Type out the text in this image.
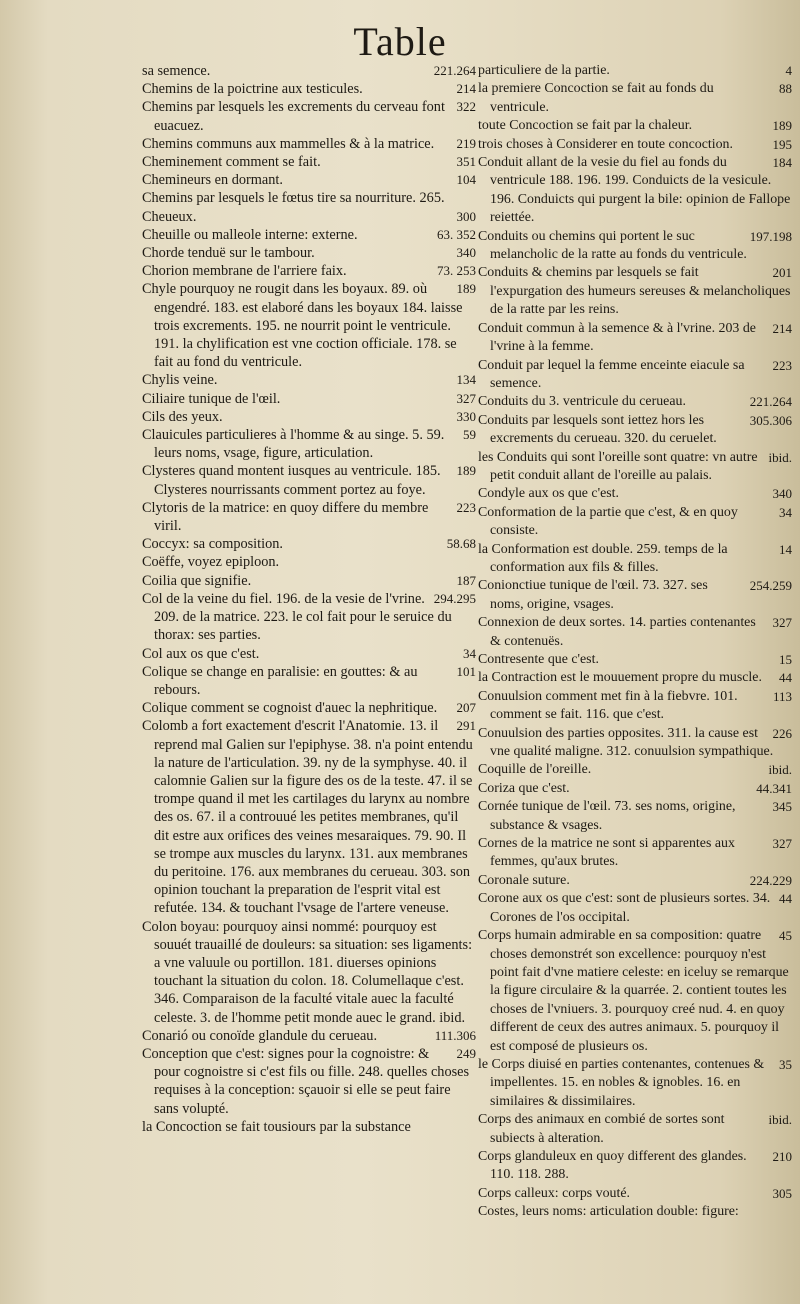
Table
221.264
sa semence.
214
Chemins de la poictrine aux testicules.
322
Chemins par lesquels les excrements du cerveau font euacuez.
219
Chemins communs aux mammelles & à la matrice.
351
Cheminement comment se fait.
104
Chemineurs en dormant.
Chemins par lesquels le fœtus tire sa nourriture. 265.
300
Cheueux.
63. 352
Cheuille ou malleole interne: externe.
340
Chorde tenduë sur le tambour.
73. 253
Chorion membrane de l'arriere faix.
189
Chyle pourquoy ne rougit dans les boyaux. 89. où engendré. 183. est elaboré dans les boyaux 184. laisse trois excrements. 195. ne nourrit point le ventricule. 191. la chylification est vne coction officiale. 178. se fait au fond du ventricule.
134
Chylis veine.
327
Ciliaire tunique de l'œil.
330
Cils des yeux.
59
Clauicules particulieres à l'homme & au singe. 5. 59. leurs noms, vsage, figure, articulation.
189
Clysteres quand montent iusques au ventricule. 185. Clysteres nourrissants comment portez au foye.
223
Clytoris de la matrice: en quoy differe du membre viril.
58.68
Coccyx: sa composition.
Coëffe, voyez epiploon.
187
Coilia que signifie.
294.295
Col de la veine du fiel. 196. de la vesie de l'vrine. 209. de la matrice. 223. le col fait pour le seruice du thorax: ses parties.
34
Col aux os que c'est.
101
Colique se change en paralisie: en gouttes: & au rebours.
207
Colique comment se cognoist d'auec la nephritique.
291
Colomb a fort exactement d'escrit l'Anatomie. 13. il reprend mal Galien sur l'epiphyse. 38. n'a point entendu la nature de l'articulation. 39. ny de la symphyse. 40. il calomnie Galien sur la figure des os de la teste. 47. il se trompe quand il met les cartilages du larynx au nombre des os. 67. il a controuué les petites membranes, qu'il dit estre aux orifices des veines mesaraiques. 79. 90. Il se trompe aux muscles du larynx. 131. aux membranes du peritoine. 176. aux membranes du cerueau. 303. son opinion touchant la preparation de l'esprit vital est refutée. 134. & touchant l'vsage de l'artere veneuse.
Colon boyau: pourquoy ainsi nommé: pourquoy est souuét trauaillé de douleurs: sa situation: ses ligaments: a vne valuule ou portillon. 181. diuerses opinions touchant la situation du colon. 18. Columellaque c'est. 346. Comparaison de la faculté vitale auec la faculté celeste. 3. de l'homme petit monde auec le grand. ibid.
111.306
Conarió ou conoïde glandule du cerueau.
249
Conception que c'est: signes pour la cognoistre: & pour cognoistre si c'est fils ou fille. 248. quelles choses requises à la conception: sçauoir si elle se peut faire sans volupté.
la Concoction se fait tousiours par la substance
4
particuliere de la partie.
88
la premiere Concoction se fait au fonds du ventricule.
189
toute Concoction se fait par la chaleur.
195
trois choses à Considerer en toute concoction.
184
Conduit allant de la vesie du fiel au fonds du ventricule 188. 196. 199. Conduicts de la vesicule. 196. Conduicts qui purgent la bile: opinion de Fallope reiettée.
197.198
Conduits ou chemins qui portent le suc melancholic de la ratte au fonds du ventricule.
201
Conduits & chemins par lesquels se fait l'expurgation des humeurs sereuses & melancholiques de la ratte par les reins.
214
Conduit commun à la semence & à l'vrine. 203 de l'vrine à la femme.
223
Conduit par lequel la femme enceinte eiacule sa semence.
221.264
Conduits du 3. ventricule du cerueau.
305.306
Conduits par lesquels sont iettez hors les excrements du cerueau. 320. du ceruelet.
ibid.
les Conduits qui sont l'oreille sont quatre: vn autre petit conduit allant de l'oreille au palais.
340
Condyle aux os que c'est.
34
Conformation de la partie que c'est, & en quoy consiste.
14
la Conformation est double. 259. temps de la conformation aux fils & filles.
254.259
Conionctiue tunique de l'œil. 73. 327. ses noms, origine, vsages.
327
Connexion de deux sortes. 14. parties contenantes & contenuës.
15
Contresente que c'est.
44
la Contraction est le mouuement propre du muscle.
113
Conuulsion comment met fin à la fiebvre. 101. comment se fait. 116. que c'est.
226
Conuulsion des parties opposites. 311. la cause est vne qualité maligne. 312. conuulsion sympathique.
ibid.
Coquille de l'oreille.
44.341
Coriza que c'est.
345
Cornée tunique de l'œil. 73. ses noms, origine, substance & vsages.
327
Cornes de la matrice ne sont si apparentes aux femmes, qu'aux brutes.
224.229
Coronale suture.
44
Corone aux os que c'est: sont de plusieurs sortes. 34. Corones de l'os occipital.
45
Corps humain admirable en sa composition: quatre choses demonstrét son excellence: pourquoy n'est point fait d'vne matiere celeste: en iceluy se remarque la figure circulaire & la quarrée. 2. contient toutes les choses de l'vniuers. 3. pourquoy creé nud. 4. en quoy different de ceux des autres animaux. 5. pourquoy il est composé de plusieurs os.
35
le Corps diuisé en parties contenantes, contenues & impellentes. 15. en nobles & ignobles. 16. en similaires & dissimilaires.
ibid.
Corps des animaux en combié de sortes sont subiects à alteration.
210
Corps glanduleux en quoy different des glandes. 110. 118. 288.
305
Corps calleux: corps vouté.
Costes, leurs noms: articulation double: figure:
